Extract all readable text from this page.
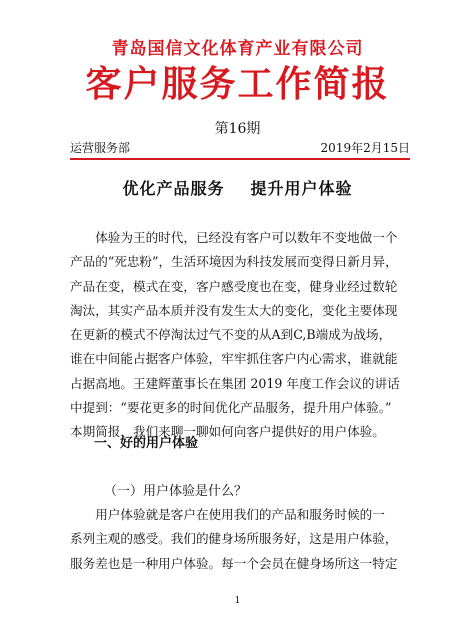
青岛国信文化体育产业有限公司
客户服务工作简报
第16期
运营服务部	2019年2月15日
优化产品服务 提升用户体验
　　体验为王的时代，已经没有客户可以数年不变地做一个
产品的“死忠粉”，生活环境因为科技发展而变得日新月异，
产品在变，模式在变，客户感受度也在变，健身业经过数轮
淘汰，其实产品本质并没有发生太大的变化，变化主要体现
在更新的模式不停淘汰过气不变的从A到C,B端成为战场，
谁在中间能占据客户体验，牢牢抓住客户内心需求，谁就能
占据高地。王建辉董事长在集团 2019 年度工作会议的讲话
中提到：“要花更多的时间优化产品服务，提升用户体验。”
本期简报，我们来聊一聊如何向客户提供好的用户体验。
一、好的用户体验
（一）用户体验是什么？
　　用户体验就是客户在使用我们的产品和服务时候的一
系列主观的感受。我们的健身场所服务好，这是用户体验，
服务差也是一种用户体验。每一个会员在健身场所这一特定
1
